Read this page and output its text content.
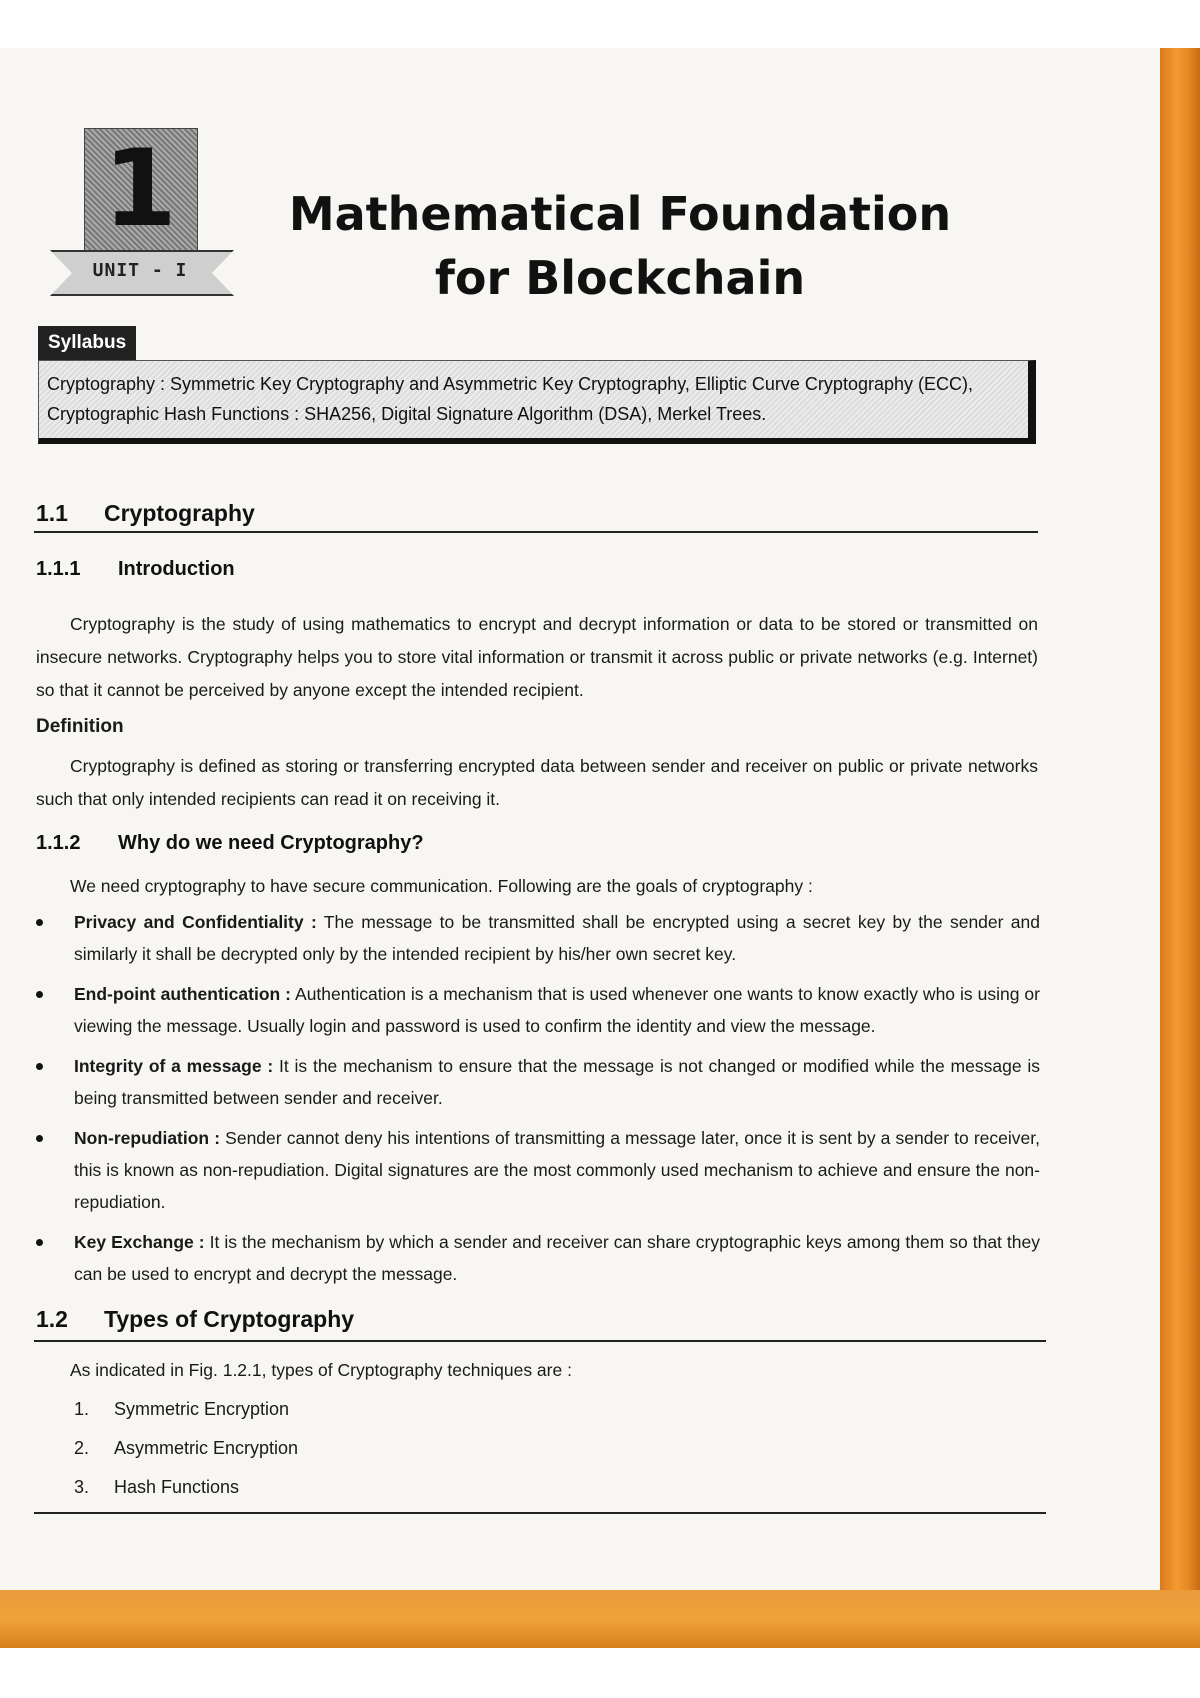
1
UNIT - I
Mathematical Foundation
for Blockchain
Syllabus
Cryptography : Symmetric Key Cryptography and Asymmetric Key Cryptography, Elliptic Curve Cryptography (ECC),
Cryptographic Hash Functions : SHA256, Digital Signature Algorithm (DSA), Merkel Trees.
1.1 Cryptography
1.1.1 Introduction
Cryptography is the study of using mathematics to encrypt and decrypt information or data to be stored or transmitted on insecure networks. Cryptography helps you to store vital information or transmit it across public or private networks (e.g. Internet) so that it cannot be perceived by anyone except the intended recipient.
Definition
Cryptography is defined as storing or transferring encrypted data between sender and receiver on public or private networks such that only intended recipients can read it on receiving it.
1.1.2 Why do we need Cryptography?
We need cryptography to have secure communication. Following are the goals of cryptography :
Privacy and Confidentiality : The message to be transmitted shall be encrypted using a secret key by the sender and similarly it shall be decrypted only by the intended recipient by his/her own secret key.
End-point authentication : Authentication is a mechanism that is used whenever one wants to know exactly who is using or viewing the message. Usually login and password is used to confirm the identity and view the message.
Integrity of a message : It is the mechanism to ensure that the message is not changed or modified while the message is being transmitted between sender and receiver.
Non-repudiation : Sender cannot deny his intentions of transmitting a message later, once it is sent by a sender to receiver, this is known as non-repudiation. Digital signatures are the most commonly used mechanism to achieve and ensure the non-repudiation.
Key Exchange : It is the mechanism by which a sender and receiver can share cryptographic keys among them so that they can be used to encrypt and decrypt the message.
1.2 Types of Cryptography
As indicated in Fig. 1.2.1, types of Cryptography techniques are :
1. Symmetric Encryption
2. Asymmetric Encryption
3. Hash Functions
